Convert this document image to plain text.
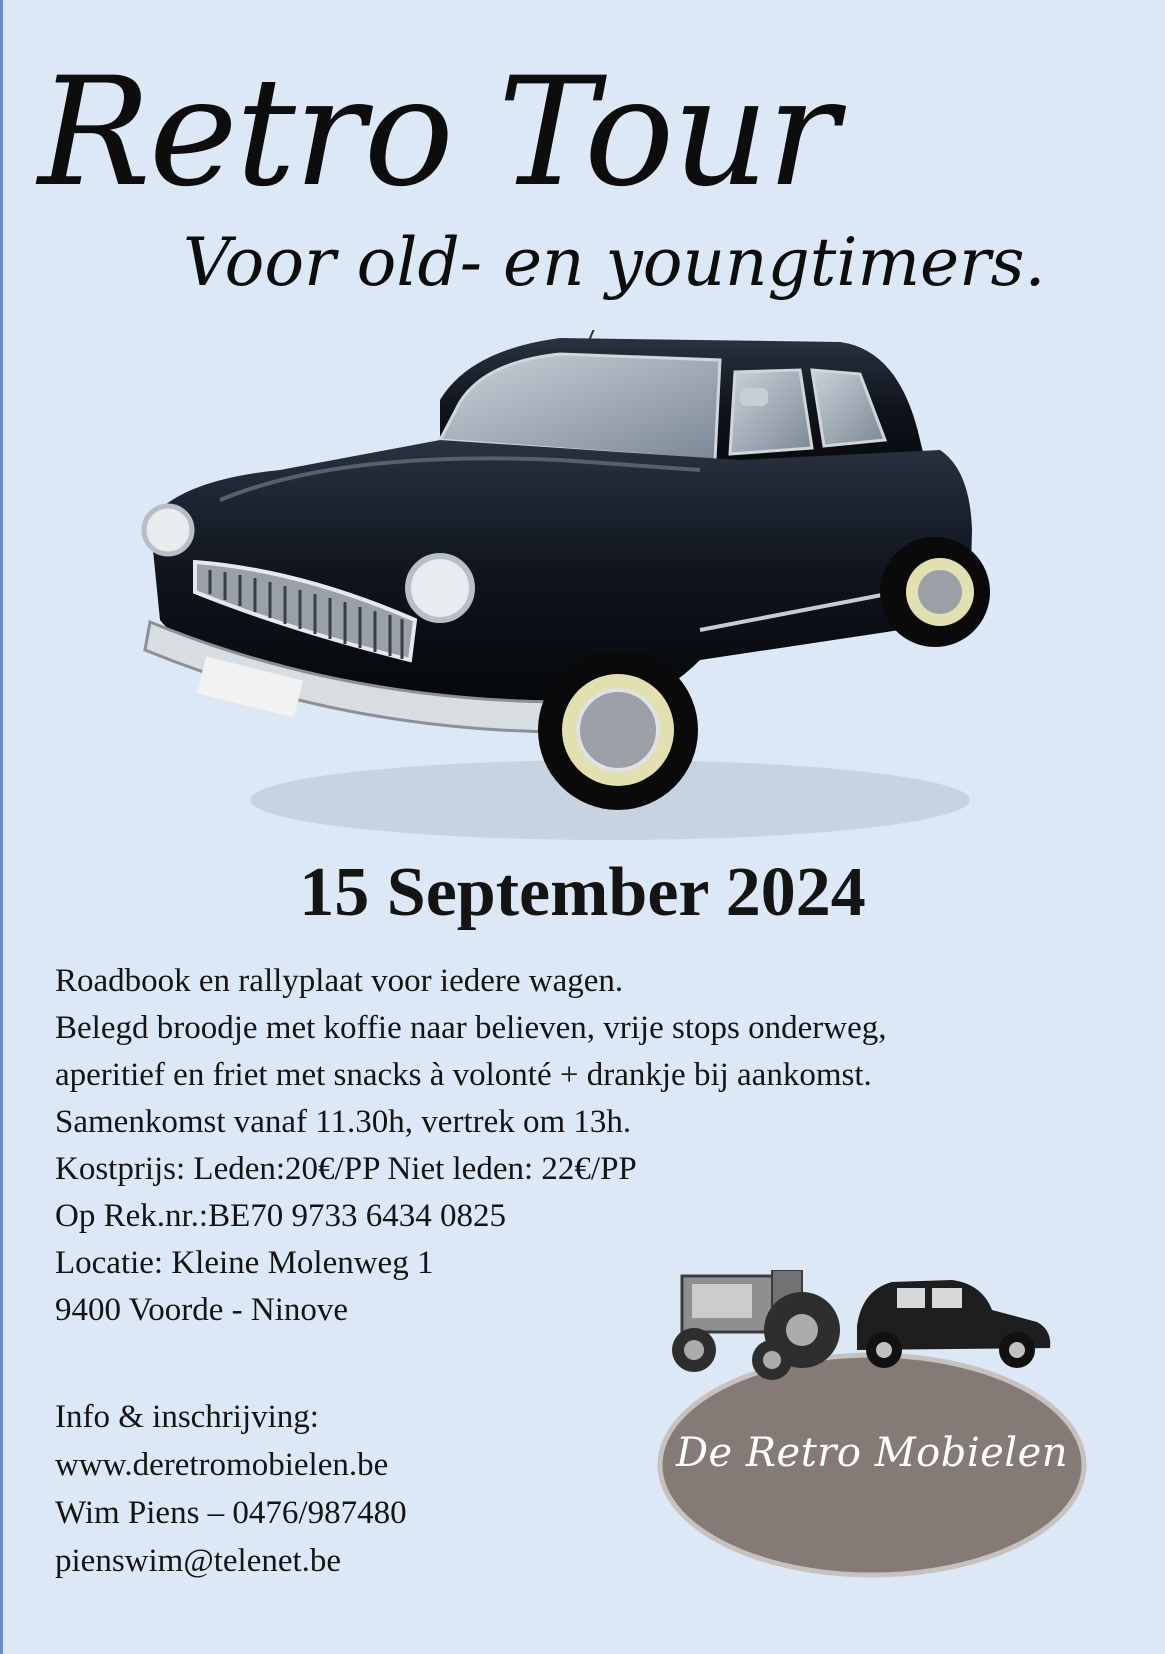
Retro Tour
Voor old- en youngtimers.
15 September 2024
Roadbook en rallyplaat voor iedere wagen.
Belegd broodje met koffie naar believen, vrije stops onderweg,
aperitief en friet met snacks à volonté + drankje bij aankomst.
Samenkomst vanaf 11.30h, vertrek om 13h.
Kostprijs: Leden:20€/PP Niet leden: 22€/PP
Op Rek.nr.:BE70 9733 6434 0825
Locatie: Kleine Molenweg 1
9400 Voorde - Ninove
Info & inschrijving:
www.deretromobielen.be
Wim Piens – 0476/987480
pienswim@telenet.be
De Retro Mobielen
